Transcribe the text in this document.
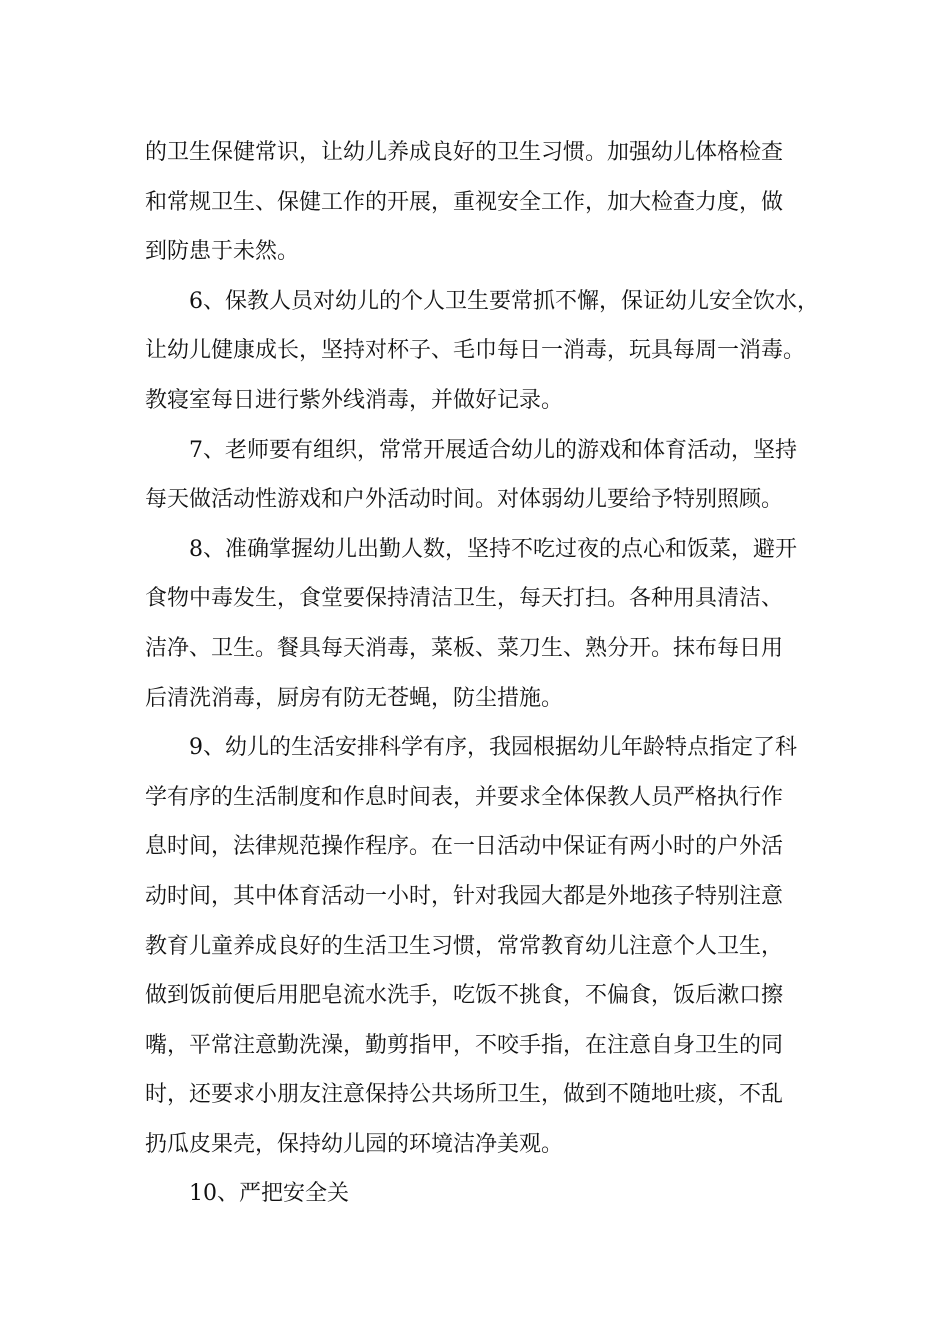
的卫生保健常识，让幼儿养成良好的卫生习惯。加强幼儿体格检查
和常规卫生、保健工作的开展，重视安全工作，加大检查力度，做
到防患于未然。
6、保教人员对幼儿的个人卫生要常抓不懈，保证幼儿安全饮水，
让幼儿健康成长，坚持对杯子、毛巾每日一消毒，玩具每周一消毒。
教寝室每日进行紫外线消毒，并做好记录。
7、老师要有组织，常常开展适合幼儿的游戏和体育活动，坚持
每天做活动性游戏和户外活动时间。对体弱幼儿要给予特别照顾。
8、准确掌握幼儿出勤人数，坚持不吃过夜的点心和饭菜，避开
食物中毒发生，食堂要保持清洁卫生，每天打扫。各种用具清洁、
洁净、卫生。餐具每天消毒，菜板、菜刀生、熟分开。抹布每日用
后清洗消毒，厨房有防无苍蝇，防尘措施。
9、幼儿的生活安排科学有序，我园根据幼儿年龄特点指定了科
学有序的生活制度和作息时间表，并要求全体保教人员严格执行作
息时间，法律规范操作程序。在一日活动中保证有两小时的户外活
动时间，其中体育活动一小时，针对我园大都是外地孩子特别注意
教育儿童养成良好的生活卫生习惯，常常教育幼儿注意个人卫生，
做到饭前便后用肥皂流水洗手，吃饭不挑食，不偏食，饭后漱口擦
嘴，平常注意勤洗澡，勤剪指甲，不咬手指，在注意自身卫生的同
时，还要求小朋友注意保持公共场所卫生，做到不随地吐痰，不乱
扔瓜皮果壳，保持幼儿园的环境洁净美观。
10、严把安全关
